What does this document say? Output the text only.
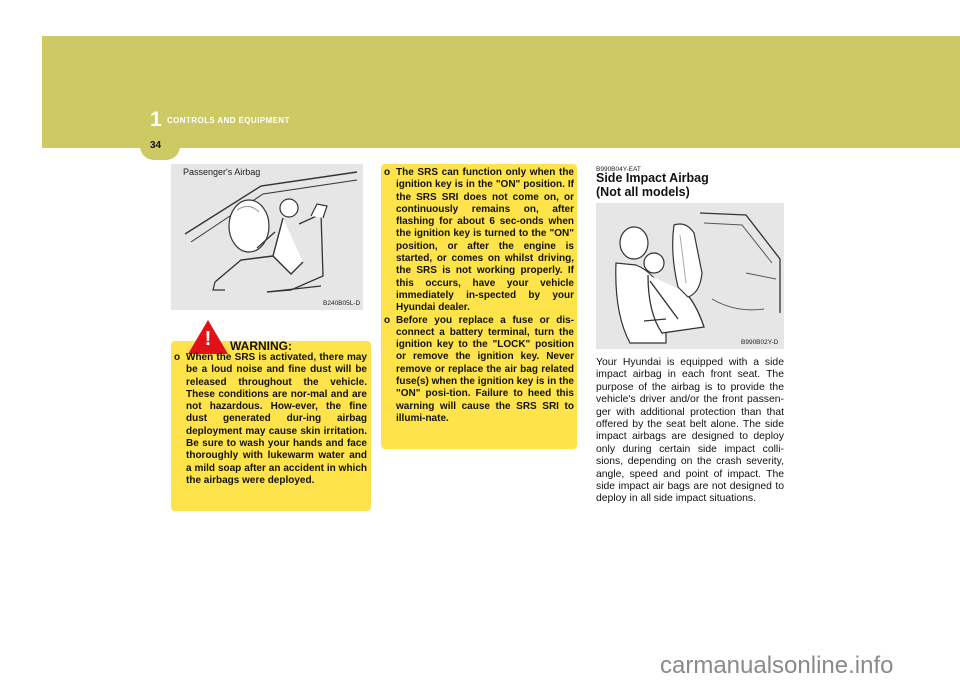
1 CONTROLS AND EQUIPMENT
34
Passenger's Airbag
B240B05L-D
! WARNING:
o When the SRS is activated, there may be a loud noise and fine dust will be released throughout the vehicle. These conditions are nor-mal and are not hazardous. How-ever, the fine dust generated dur-ing airbag deployment may cause skin irritation. Be sure to wash your hands and face thoroughly with lukewarm water and a mild soap after an accident in which the airbags were deployed.
o The SRS can function only when the ignition key is in the "ON" position. If the SRS SRI does not come on, or continuously remains on, after flashing for about 6 sec-onds when the ignition key is turned to the "ON" position, or after the engine is started, or comes on whilst driving, the SRS is not working properly. If this occurs, have your vehicle immediately in-spected by your Hyundai dealer.
o Before you replace a fuse or dis-connect a battery terminal, turn the ignition key to the "LOCK" position or remove the ignition key. Never remove or replace the air bag related fuse(s) when the ignition key is in the "ON" posi-tion. Failure to heed this warning will cause the SRS SRI to illumi-nate.
B990B04Y-EAT
Side Impact Airbag
(Not all models)
B990B02Y-D
Your Hyundai is equipped with a side impact airbag in each front seat. The purpose of the airbag is to provide the vehicle's driver and/or the front passen-ger with additional protection than that offered by the seat belt alone. The side impact airbags are designed to deploy only during certain side impact colli-sions, depending on the crash severity, angle, speed and point of impact. The side impact air bags are not designed to deploy in all side impact situations.
carmanualsonline.info
